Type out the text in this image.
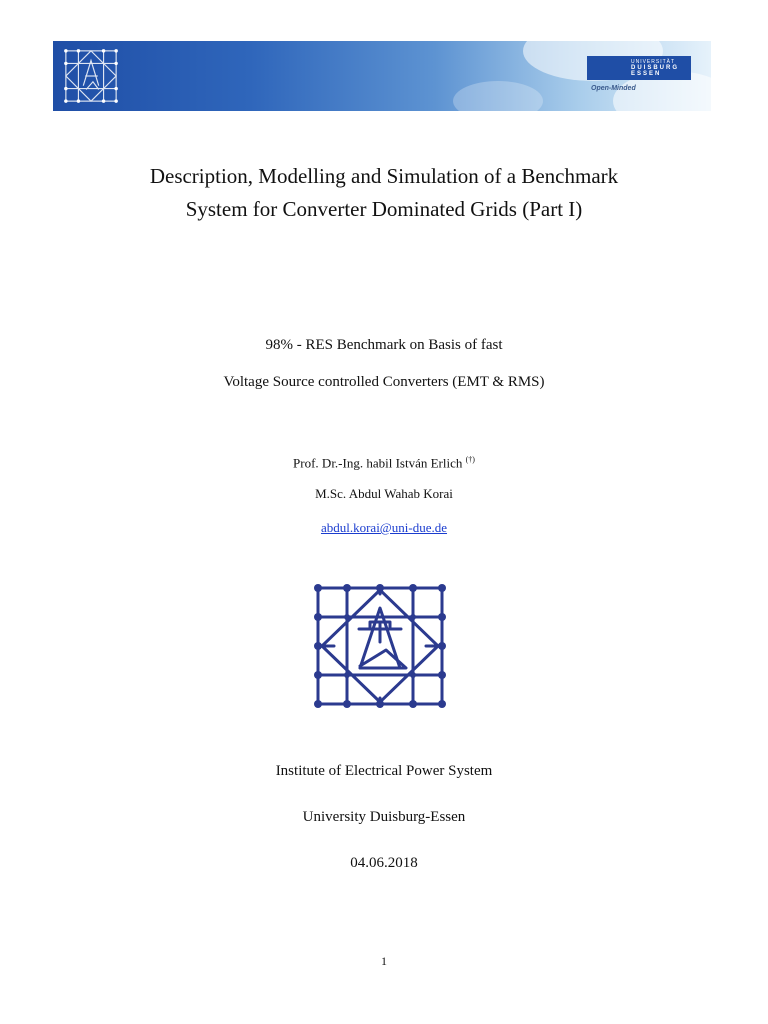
UNIVERSITÄT
DUISBURG
ESSEN
Open-Minded
Description, Modelling and Simulation of a Benchmark
System for Converter Dominated Grids (Part I)
98% - RES Benchmark on Basis of fast
Voltage Source controlled Converters (EMT & RMS)
Prof. Dr.-Ing. habil István Erlich (†)
M.Sc. Abdul Wahab Korai
abdul.korai@uni-due.de
Institute of Electrical Power System
University Duisburg-Essen
04.06.2018
1
